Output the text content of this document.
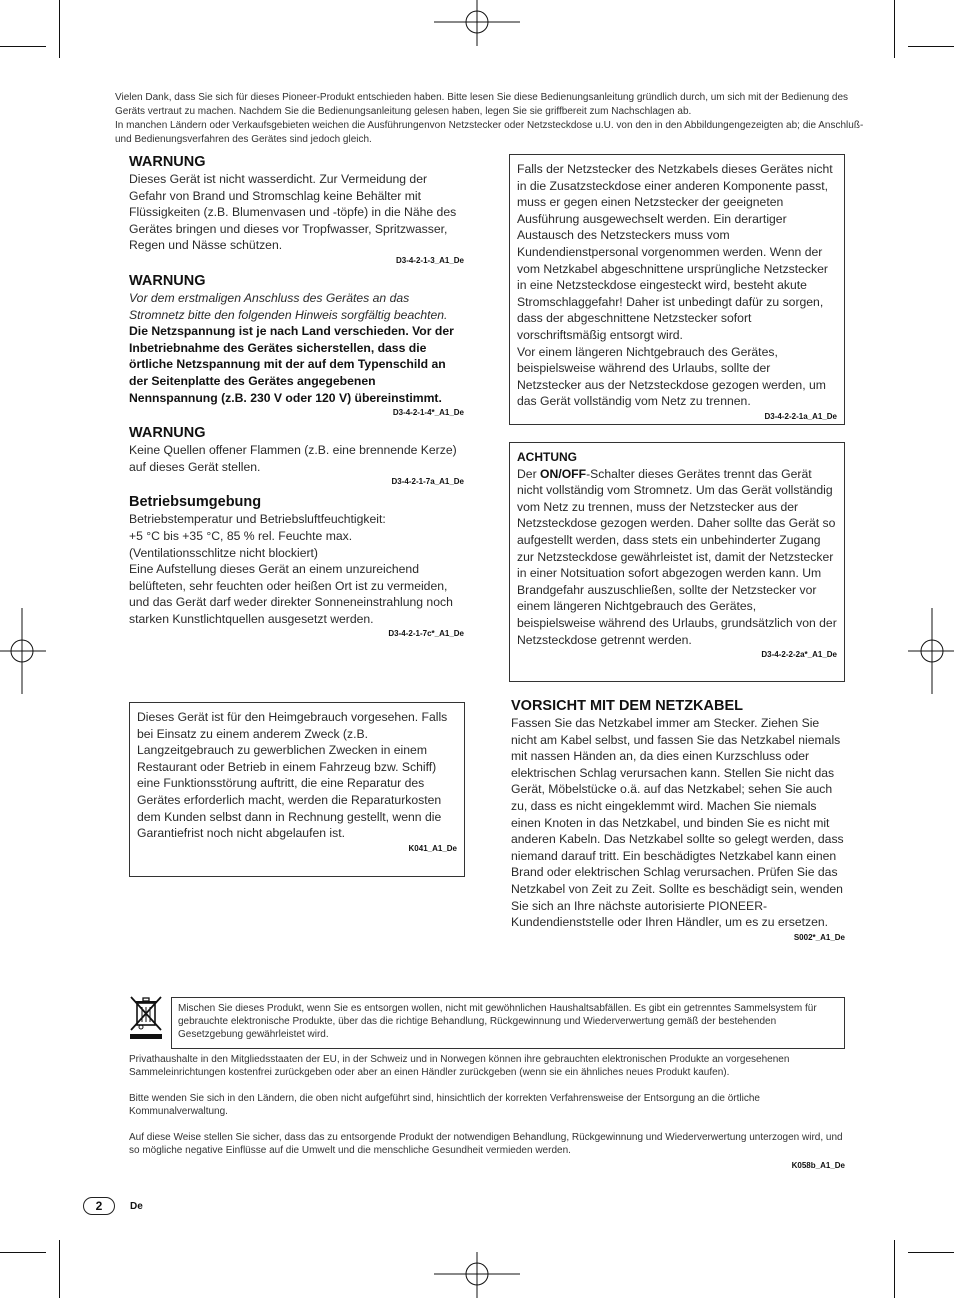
Vielen Dank, dass Sie sich für dieses Pioneer-Produkt entschieden haben. Bitte lesen Sie diese Bedienungsanleitung gründlich durch, um sich mit der Bedienung des Geräts vertraut zu machen. Nachdem Sie die Bedienungsanleitung gelesen haben, legen Sie sie griffbereit zum Nachschlagen ab.

In manchen Ländern oder Verkaufsgebieten weichen die Ausführungenvon Netzstecker oder Netzsteckdose u.U. von den in den Abbildungengezeigten ab; die Anschluß- und Bedienungsverfahren des Gerätes sind jedoch gleich.

WARNUNG

Dieses Gerät ist nicht wasserdicht. Zur Vermeidung der Gefahr von Brand und Stromschlag keine Behälter mit Flüssigkeiten (z.B. Blumenvasen und -töpfe) in die Nähe des Gerätes bringen und dieses vor Tropfwasser, Spritzwasser, Regen und Nässe schützen.

D3-4-2-1-3_A1_De
WARNUNG

Vor dem erstmaligen Anschluss des Gerätes an das Stromnetz bitte den folgenden Hinweis sorgfältig beachten.

Die Netzspannung ist je nach Land verschieden. Vor der Inbetriebnahme des Gerätes sicherstellen, dass die örtliche Netzspannung mit der auf dem Typenschild an der Seitenplatte des Gerätes angegebenen Nennspannung (z.B. 230 V oder 120 V) übereinstimmt.

D3-4-2-1-4*_A1_De
WARNUNG

Keine Quellen offener Flammen (z.B. eine brennende Kerze) auf dieses Gerät stellen.

D3-4-2-1-7a_A1_De
Betriebsumgebung

Betriebstemperatur und Betriebsluftfeuchtigkeit:

+5 °C bis +35 °C, 85 % rel. Feuchte max.

(Ventilationsschlitze nicht blockiert)

Eine Aufstellung dieses Gerät an einem unzureichend belüfteten, sehr feuchten oder heißen Ort ist zu vermeiden, und das Gerät darf weder direkter Sonneneinstrahlung noch starken Kunstlichtquellen ausgesetzt werden.

D3-4-2-1-7c*_A1_De

Dieses Gerät ist für den Heimgebrauch vorgesehen. Falls bei Einsatz zu einem anderem Zweck (z.B. Langzeitgebrauch zu gewerblichen Zwecken in einem Restaurant oder Betrieb in einem Fahrzeug bzw. Schiff) eine Funktionsstörung auftritt, die eine Reparatur des Gerätes erforderlich macht, werden die Reparaturkosten dem Kunden selbst dann in Rechnung gestellt, wenn die Garantiefrist noch nicht abgelaufen ist.

K041_A1_De

Falls der Netzstecker des Netzkabels dieses Gerätes nicht in die Zusatzsteckdose einer anderen Komponente passt, muss er gegen einen Netzstecker der geeigneten Ausführung ausgewechselt werden. Ein derartiger Austausch des Netzsteckers muss vom Kundendienstpersonal vorgenommen werden. Wenn der vom Netzkabel abgeschnittene ursprüngliche Netzstecker in eine Netzsteckdose eingesteckt wird, besteht akute Stromschlaggefahr! Daher ist unbedingt dafür zu sorgen, dass der abgeschnittene Netzstecker sofort vorschriftsmäßig entsorgt wird.

Vor einem längeren Nichtgebrauch des Gerätes, beispielsweise während des Urlaubs, sollte der Netzstecker aus der Netzsteckdose gezogen werden, um das Gerät vollständig vom Netz zu trennen.

D3-4-2-2-1a_A1_De
ACHTUNG

Der ON/OFF-Schalter dieses Gerätes trennt das Gerät nicht vollständig vom Stromnetz. Um das Gerät vollständig vom Netz zu trennen, muss der Netzstecker aus der Netzsteckdose gezogen werden. Daher sollte das Gerät so aufgestellt werden, dass stets ein unbehinderter Zugang zur Netzsteckdose gewährleistet ist, damit der Netzstecker in einer Notsituation sofort abgezogen werden kann. Um Brandgefahr auszuschließen, sollte der Netzstecker vor einem längeren Nichtgebrauch des Gerätes, beispielsweise während des Urlaubs, grundsätzlich von der Netzsteckdose getrennt werden.

D3-4-2-2-2a*_A1_De
VORSICHT MIT DEM NETZKABEL

Fassen Sie das Netzkabel immer am Stecker. Ziehen Sie nicht am Kabel selbst, und fassen Sie das Netzkabel niemals mit nassen Händen an, da dies einen Kurzschluss oder elektrischen Schlag verursachen kann. Stellen Sie nicht das Gerät, Möbelstücke o.ä. auf das Netzkabel; sehen Sie auch zu, dass es nicht eingeklemmt wird. Machen Sie niemals einen Knoten in das Netzkabel, und binden Sie es nicht mit anderen Kabeln. Das Netzkabel sollte so gelegt werden, dass niemand darauf tritt. Ein beschädigtes Netzkabel kann einen Brand oder elektrischen Schlag verursachen. Prüfen Sie das Netzkabel von Zeit zu Zeit. Sollte es beschädigt sein, wenden Sie sich an Ihre nächste autorisierte PIONEER-Kundendienststelle oder Ihren Händler, um es zu ersetzen.

S002*_A1_De

Mischen Sie dieses Produkt, wenn Sie es entsorgen wollen, nicht mit gewöhnlichen Haushaltsabfällen. Es gibt ein getrenntes Sammelsystem für gebrauchte elektronische Produkte, über das die richtige Behandlung, Rückgewinnung und Wiederverwertung gemäß der bestehenden Gesetzgebung gewährleistet wird.

Privathaushalte in den Mitgliedsstaaten der EU, in der Schweiz und in Norwegen können ihre gebrauchten elektronischen Produkte an vorgesehenen Sammeleinrichtungen kostenfrei zurückgeben oder aber an einen Händler zurückgeben (wenn sie ein ähnliches neues Produkt kaufen).

Bitte wenden Sie sich in den Ländern, die oben nicht aufgeführt sind, hinsichtlich der korrekten Verfahrensweise der Entsorgung an die örtliche Kommunalverwaltung.

Auf diese Weise stellen Sie sicher, dass das zu entsorgende Produkt der notwendigen Behandlung, Rückgewinnung und Wiederverwertung unterzogen wird, und so mögliche negative Einflüsse auf die Umwelt und die menschliche Gesundheit vermieden werden.

K058b_A1_De
2	De
